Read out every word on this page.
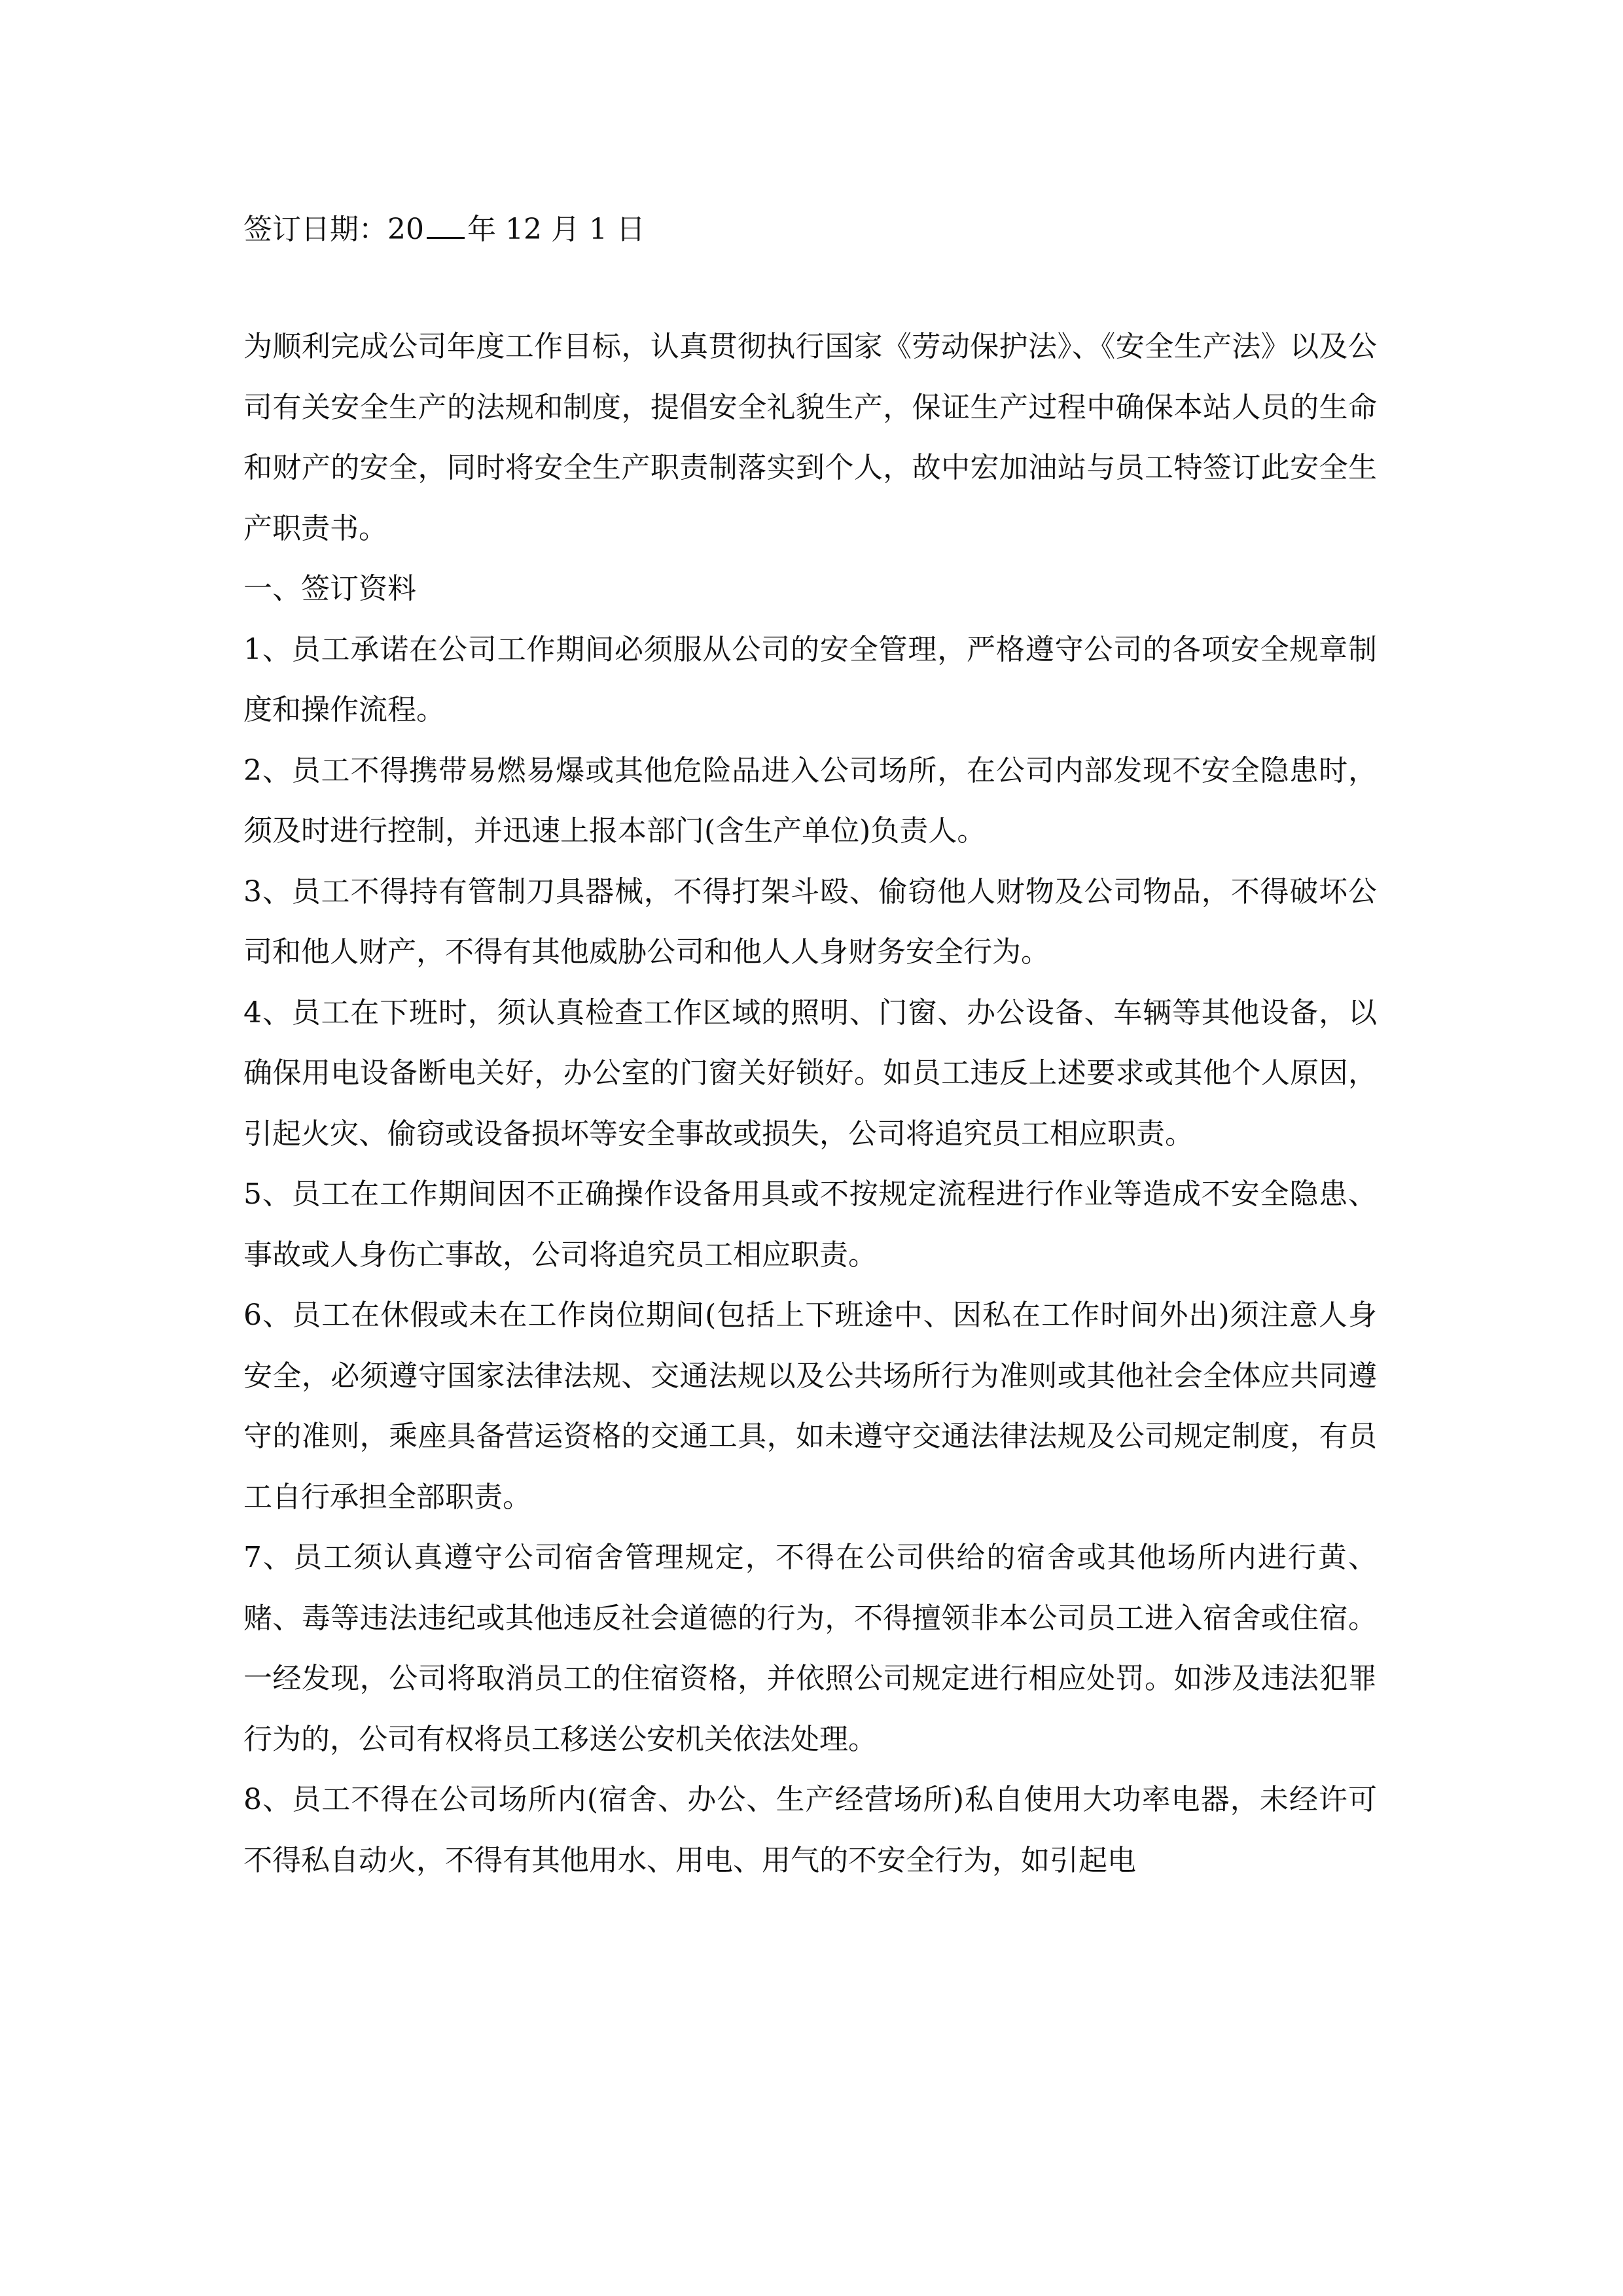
签订日期：20 年 12 月 1 日

为顺利完成公司年度工作目标，认真贯彻执行国家《劳动保护法》、《安全生产法》以及公司有关安全生产的法规和制度，提倡安全礼貌生产，保证生产过程中确保本站人员的生命和财产的安全，同时将安全生产职责制落实到个人，故中宏加油站与员工特签订此安全生产职责书。

一、签订资料

1、员工承诺在公司工作期间必须服从公司的安全管理，严格遵守公司的各项安全规章制度和操作流程。

2、员工不得携带易燃易爆或其他危险品进入公司场所，在公司内部发现不安全隐患时，须及时进行控制，并迅速上报本部门(含生产单位)负责人。

3、员工不得持有管制刀具器械，不得打架斗殴、偷窃他人财物及公司物品，不得破坏公司和他人财产，不得有其他威胁公司和他人人身财务安全行为。

4、员工在下班时，须认真检查工作区域的照明、门窗、办公设备、车辆等其他设备，以确保用电设备断电关好，办公室的门窗关好锁好。如员工违反上述要求或其他个人原因，引起火灾、偷窃或设备损坏等安全事故或损失，公司将追究员工相应职责。

5、员工在工作期间因不正确操作设备用具或不按规定流程进行作业等造成不安全隐患、事故或人身伤亡事故，公司将追究员工相应职责。

6、员工在休假或未在工作岗位期间(包括上下班途中、因私在工作时间外出)须注意人身安全，必须遵守国家法律法规、交通法规以及公共场所行为准则或其他社会全体应共同遵守的准则，乘座具备营运资格的交通工具，如未遵守交通法律法规及公司规定制度，有员工自行承担全部职责。

7、员工须认真遵守公司宿舍管理规定，不得在公司供给的宿舍或其他场所内进行黄、赌、毒等违法违纪或其他违反社会道德的行为，不得擅领非本公司员工进入宿舍或住宿。一经发现，公司将取消员工的住宿资格，并依照公司规定进行相应处罚。如涉及违法犯罪行为的，公司有权将员工移送公安机关依法处理。

8、员工不得在公司场所内(宿舍、办公、生产经营场所)私自使用大功率电器，未经许可不得私自动火，不得有其他用水、用电、用气的不安全行为，如引起电
